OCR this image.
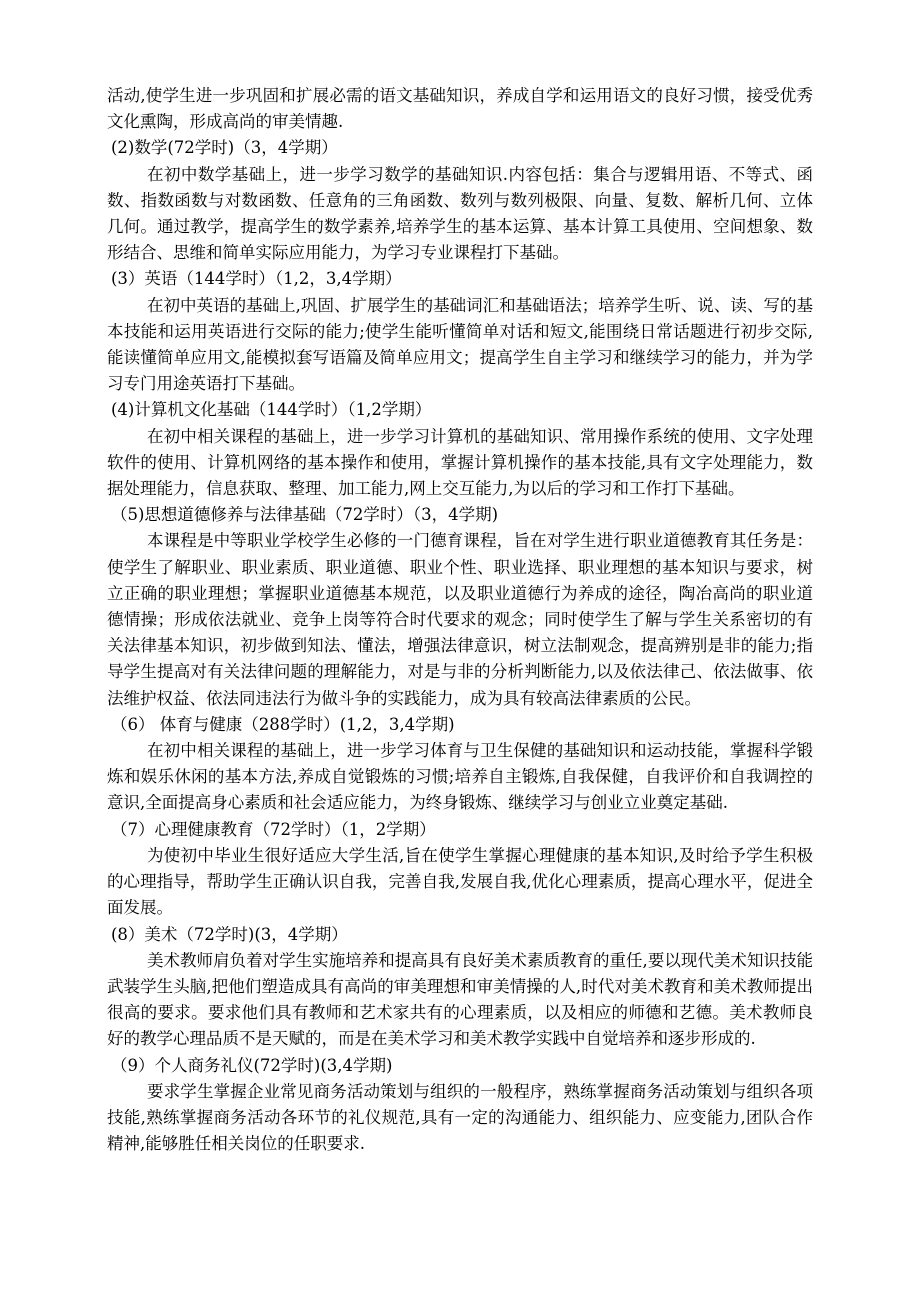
活动,使学生进一步巩固和扩展必需的语文基础知识，养成自学和运用语文的良好习惯，接受优秀文化熏陶，形成高尚的审美情趣.

(2)数学(72学时)（3，4学期）

在初中数学基础上，进一步学习数学的基础知识.内容包括：集合与逻辑用语、不等式、函数、指数函数与对数函数、任意角的三角函数、数列与数列极限、向量、复数、解析几何、立体几何。通过教学，提高学生的数学素养,培养学生的基本运算、基本计算工具使用、空间想象、数形结合、思维和简单实际应用能力，为学习专业课程打下基础。

(3）英语（144学时）（1,2，3,4学期）

在初中英语的基础上,巩固、扩展学生的基础词汇和基础语法；培养学生听、说、读、写的基本技能和运用英语进行交际的能力;使学生能听懂简单对话和短文,能围绕日常话题进行初步交际,能读懂简单应用文,能模拟套写语篇及简单应用文；提高学生自主学习和继续学习的能力，并为学习专门用途英语打下基础。

(4)计算机文化基础（144学时）（1,2学期）

在初中相关课程的基础上，进一步学习计算机的基础知识、常用操作系统的使用、文字处理软件的使用、计算机网络的基本操作和使用，掌握计算机操作的基本技能,具有文字处理能力，数据处理能力，信息获取、整理、加工能力,网上交互能力,为以后的学习和工作打下基础。

（5)思想道德修养与法律基础（72学时）（3，4学期)

本课程是中等职业学校学生必修的一门德育课程，旨在对学生进行职业道德教育其任务是：使学生了解职业、职业素质、职业道德、职业个性、职业选择、职业理想的基本知识与要求，树立正确的职业理想；掌握职业道德基本规范，以及职业道德行为养成的途径，陶冶高尚的职业道德情操；形成依法就业、竞争上岗等符合时代要求的观念；同时使学生了解与学生关系密切的有关法律基本知识，初步做到知法、懂法，增强法律意识，树立法制观念，提高辨别是非的能力;指导学生提高对有关法律问题的理解能力，对是与非的分析判断能力,以及依法律己、依法做事、依法维护权益、依法同违法行为做斗争的实践能力，成为具有较高法律素质的公民。

（6） 体育与健康（288学时）(1,2，3,4学期)

在初中相关课程的基础上，进一步学习体育与卫生保健的基础知识和运动技能，掌握科学锻炼和娱乐休闲的基本方法,养成自觉锻炼的习惯;培养自主锻炼,自我保健，自我评价和自我调控的意识,全面提高身心素质和社会适应能力，为终身锻炼、继续学习与创业立业奠定基础.

（7）心理健康教育（72学时）（1，2学期）

为使初中毕业生很好适应大学生活,旨在使学生掌握心理健康的基本知识,及时给予学生积极的心理指导，帮助学生正确认识自我，完善自我,发展自我,优化心理素质，提高心理水平，促进全面发展。

(8）美术（72学时)(3，4学期）

美术教师肩负着对学生实施培养和提高具有良好美术素质教育的重任,要以现代美术知识技能武装学生头脑,把他们塑造成具有高尚的审美理想和审美情操的人,时代对美术教育和美术教师提出很高的要求。要求他们具有教师和艺术家共有的心理素质，以及相应的师德和艺德。美术教师良好的教学心理品质不是天赋的，而是在美术学习和美术教学实践中自觉培养和逐步形成的.

（9）个人商务礼仪(72学时)(3,4学期)

要求学生掌握企业常见商务活动策划与组织的一般程序，熟练掌握商务活动策划与组织各项技能,熟练掌握商务活动各环节的礼仪规范,具有一定的沟通能力、组织能力、应变能力,团队合作精神,能够胜任相关岗位的任职要求.
